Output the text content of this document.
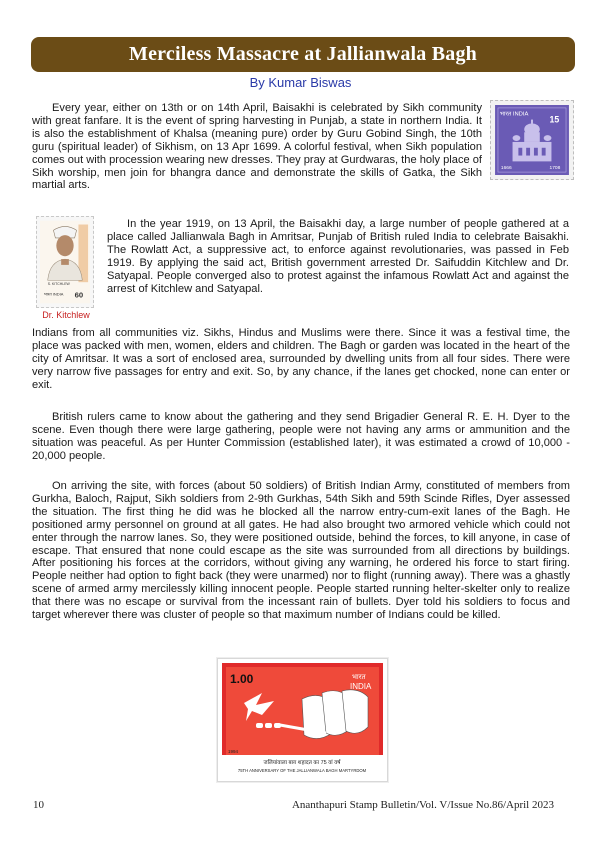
Merciless Massacre at Jallianwala Bagh
By Kumar Biswas

Every year, either on 13th or on 14th April, Baisakhi is celebrated by Sikh community with great fanfare. It is the event of spring harvesting in Punjab, a state in northern India. It is also the establishment of Khalsa (meaning pure) order by Guru Gobind Singh, the 10th guru (spiritual leader) of Sikhism, on 13 Apr 1699. A colorful festival, when Sikh population comes out with procession wearing new dresses. They pray at Gurdwaras, the holy place of Sikh worship, men join for bhangra dance and demonstrate the skills of Gatka, the Sikh martial arts.

भारत INDIA 15
1666	1708
S. KITCHLEW
भारत INDIA 60
Dr. Kitchlew

In the year 1919, on 13 April, the Baisakhi day, a large number of people gathered at a place called Jallianwala Bagh in Amritsar, Punjab of British ruled India to celebrate Baisakhi. The Rowlatt Act, a suppressive act, to enforce against revolutionaries, was passed in Feb 1919. By applying the said act, British government arrested Dr. Saifuddin Kitchlew and Dr. Satyapal. People converged also to protest against the infamous Rowlatt Act and against the arrest of Kitchlew and Satyapal.

Indians from all communities viz. Sikhs, Hindus and Muslims were there. Since it was a festival time, the place was packed with men, women, elders and children. The Bagh or garden was located in the heart of the city of Amritsar. It was a sort of enclosed area, surrounded by dwelling units from all four sides. There were very narrow five passages for entry and exit. So, by any chance, if the lanes get chocked, none can enter or exit.

British rulers came to know about the gathering and they send Brigadier General R. E. H. Dyer to the scene. Even though there were large gathering, people were not having any arms or ammunition and the situation was peaceful. As per Hunter Commission (established later), it was estimated a crowd of 10,000 - 20,000 people.

On arriving the site, with forces (about 50 soldiers) of British Indian Army, constituted of members from Gurkha, Baloch, Rajput, Sikh soldiers from 2-9th Gurkhas, 54th Sikh and 59th Scinde Rifles, Dyer assessed the situation. The first thing he did was he blocked all the narrow entry-cum-exit lanes of the Bagh. He positioned army personnel on ground at all gates. He had also brought two armored vehicle which could not enter through the narrow lanes. So, they were positioned outside, behind the forces, to kill anyone, in case of escape. That ensured that none could escape as the site was surrounded from all directions by buildings. After positioning his forces at the corridors, without giving any warning, he ordered his force to start firing. People neither had option to fight back (they were unarmed) nor to flight (running away). There was a ghastly scene of armed army mercilessly killing innocent people. People started running helter-skelter only to realize that there was no escape or survival from the incessant rain of bullets. Dyer told his soldiers to focus and target wherever there was cluster of people so that maximum number of Indians could be killed.

1.00	भारत
INDIA
जलियांवाला बाग़ शहादत का 75 वां वर्ष
75TH ANNIVERSARY OF THE JALLIANWALA BAGH MARTYRDOM
1994
10	Ananthapuri Stamp Bulletin/Vol. V/Issue No.86/April 2023
